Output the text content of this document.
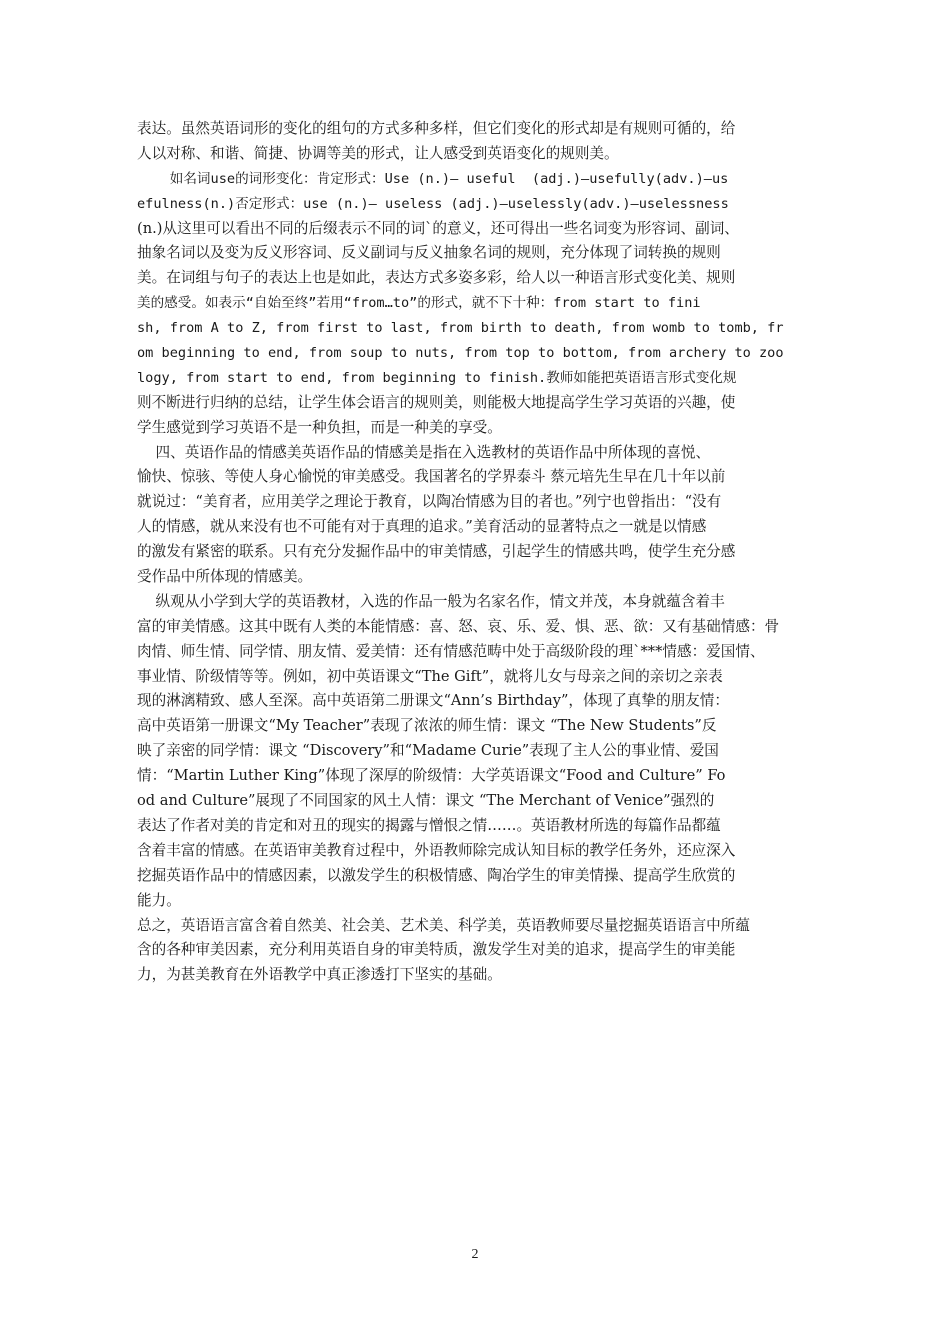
表达。虽然英语词形的变化的组句的方式多种多样，但它们变化的形式却是有规则可循的，给
人以对称、和谐、简捷、协调等美的形式，让人感受到英语变化的规则美。
如名词use的词形变化：肯定形式：Use (n.)— useful  (adj.)—usefully(adv.)—us
efulness(n.)否定形式：use (n.)— useless (adj.)—uselessly(adv.)—uselessness
(n.)从这里可以看出不同的后缀表示不同的词`的意义，还可得出一些名词变为形容词、副词、
抽象名词以及变为反义形容词、反义副词与反义抽象名词的规则，充分体现了词转换的规则
美。在词组与句子的表达上也是如此，表达方式多姿多彩，给人以一种语言形式变化美、规则
美的感受。如表示“自始至终”若用“from…to”的形式，就不下十种：from start to fini
sh, from A to Z, from first to last, from birth to death, from womb to tomb, fr
om beginning to end, from soup to nuts, from top to bottom, from archery to zoo
logy, from start to end, from beginning to finish.教师如能把英语语言形式变化规
则不断进行归纳的总结，让学生体会语言的规则美，则能极大地提高学生学习英语的兴趣，使
学生感觉到学习英语不是一种负担，而是一种美的享受。
四、英语作品的情感美英语作品的情感美是指在入选教材的英语作品中所体现的喜悦、
愉快、惊骇、等使人身心愉悦的审美感受。我国著名的学界泰斗 蔡元培先生早在几十年以前
就说过：“美育者，应用美学之理论于教育，以陶冶情感为目的者也。”列宁也曾指出：“没有
人的情感，就从来没有也不可能有对于真理的追求。”美育活动的显著特点之一就是以情感
的激发有紧密的联系。只有充分发掘作品中的审美情感，引起学生的情感共鸣，使学生充分感
受作品中所体现的情感美。
纵观从小学到大学的英语教材，入选的作品一般为名家名作，情文并茂，本身就蕴含着丰
富的审美情感。这其中既有人类的本能情感：喜、怒、哀、乐、爱、惧、恶、欲：又有基础情感：骨
肉情、师生情、同学情、朋友情、爱美情：还有情感范畴中处于高级阶段的理`***情感：爱国情、
事业情、阶级情等等。例如，初中英语课文“The Gift”，就将儿女与母亲之间的亲切之亲表
现的淋漓精致、感人至深。高中英语第二册课文“Ann’s Birthday”，体现了真挚的朋友情：
高中英语第一册课文“My Teacher”表现了浓浓的师生情：课文 “The New Students”反
映了亲密的同学情：课文 “Discovery”和“Madame Curie”表现了主人公的事业情、爱国
情：“Martin Luther King”体现了深厚的阶级情：大学英语课文“Food and Culture” Fo
od and Culture”展现了不同国家的风土人情：课文 “The Merchant of Venice”强烈的
表达了作者对美的肯定和对丑的现实的揭露与憎恨之情……。英语教材所选的每篇作品都蕴
含着丰富的情感。在英语审美教育过程中，外语教师除完成认知目标的教学任务外，还应深入
挖掘英语作品中的情感因素，以激发学生的积极情感、陶冶学生的审美情操、提高学生欣赏的
能力。
总之，英语语言富含着自然美、社会美、艺术美、科学美，英语教师要尽量挖掘英语语言中所蕴
含的各种审美因素，充分利用英语自身的审美特质，激发学生对美的追求，提高学生的审美能
力，为甚美教育在外语教学中真正渗透打下坚实的基础。
2
